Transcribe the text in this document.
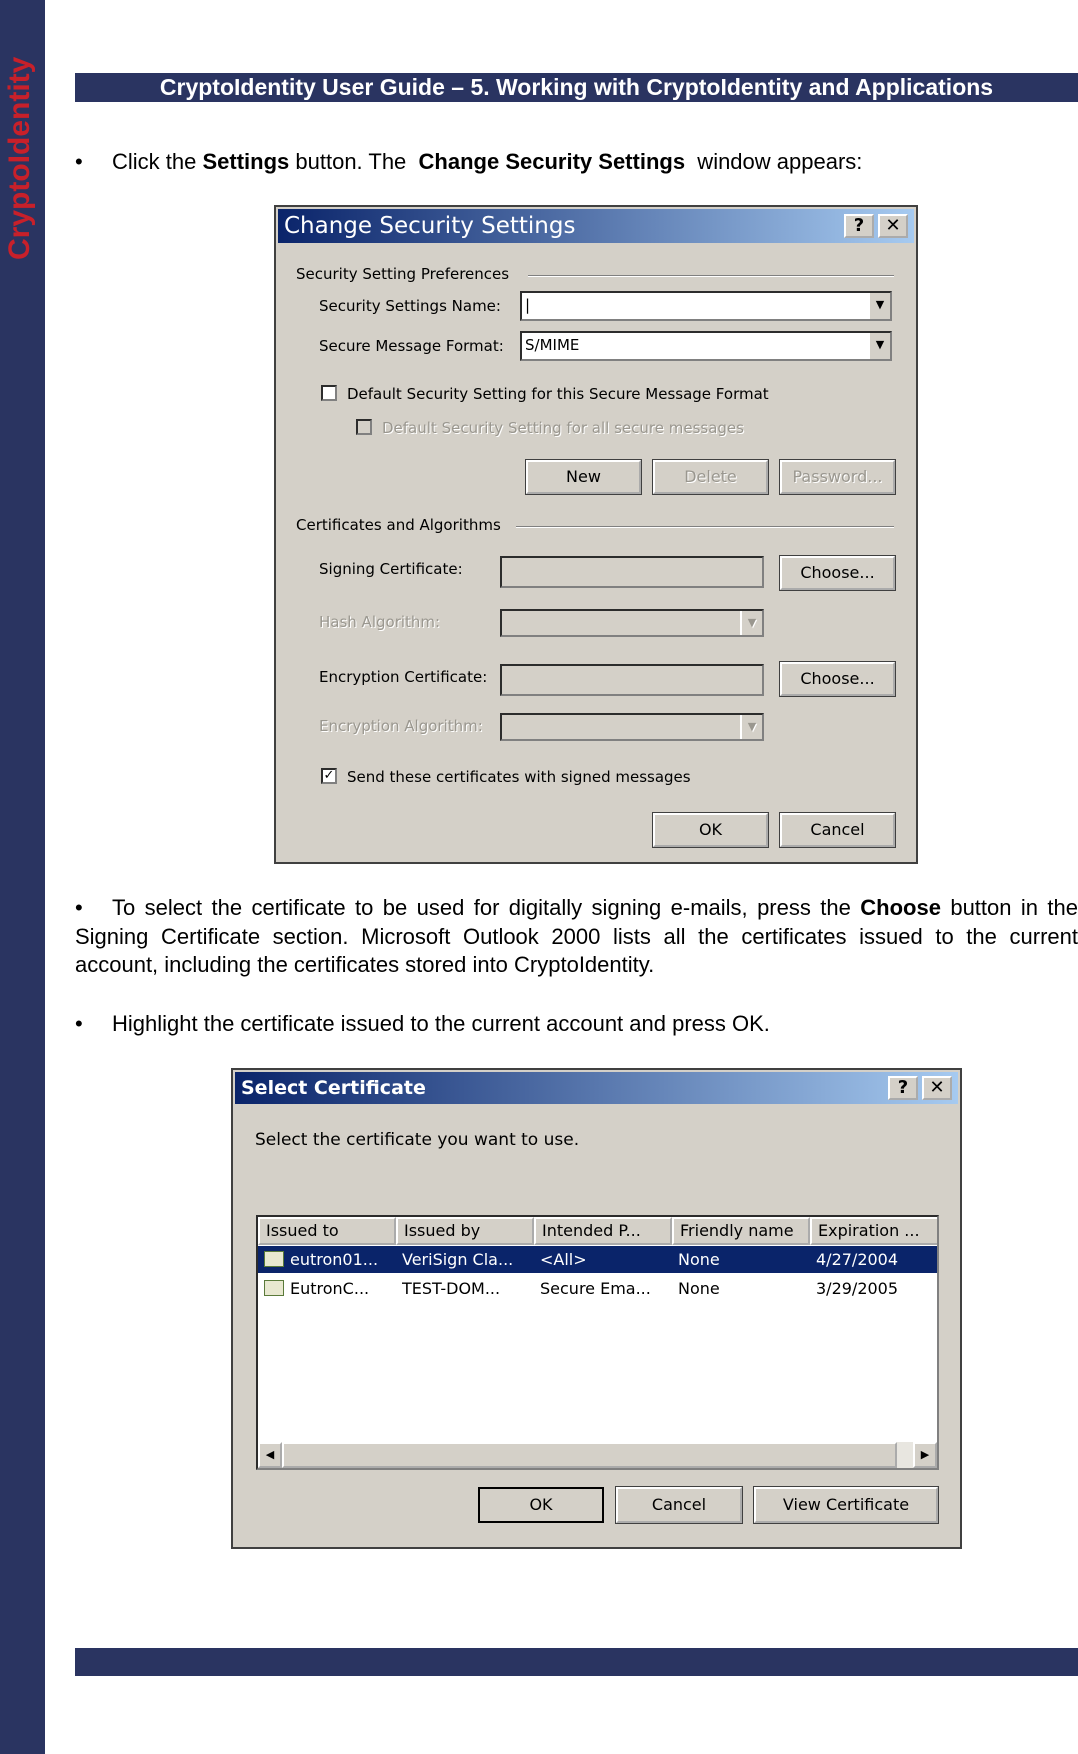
CryptoIdentity	CryptoIdentity User Guide – 5. Working with CryptoIdentity and Applications
• Click the Settings button. The  Change Security Settings  window appears:
Change Security Settings	?	✕
Security Setting Preferences
Security Settings Name:	|	▼
Secure Message Format:	S/MIME	▼
Default Security Setting for this Secure Message Format
Default Security Setting for all secure messages
New	Delete	Password...
Certificates and Algorithms
Signing Certificate:	Choose...
Hash Algorithm:	▼
Encryption Certificate:	Choose...
Encryption Algorithm:	▼
✓ Send these certificates with signed messages
OK	Cancel
• To select the certificate to be used for digitally signing e-mails, press the Choose button in the Signing Certificate section. Microsoft Outlook 2000 lists all the certificates issued to the current account, including the certificates stored into CryptoIdentity.
• Highlight the certificate issued to the current account and press OK.
Select Certificate	?	✕
Select the certificate you want to use.
Issued to	Issued by	Intended P...	Friendly name	Expiration ...
eutron01...	VeriSign Cla...	<All>	None	4/27/2004
EutronC...	TEST-DOM...	Secure Ema...	None	3/29/2005
◀	▶
OK	Cancel	View Certificate
